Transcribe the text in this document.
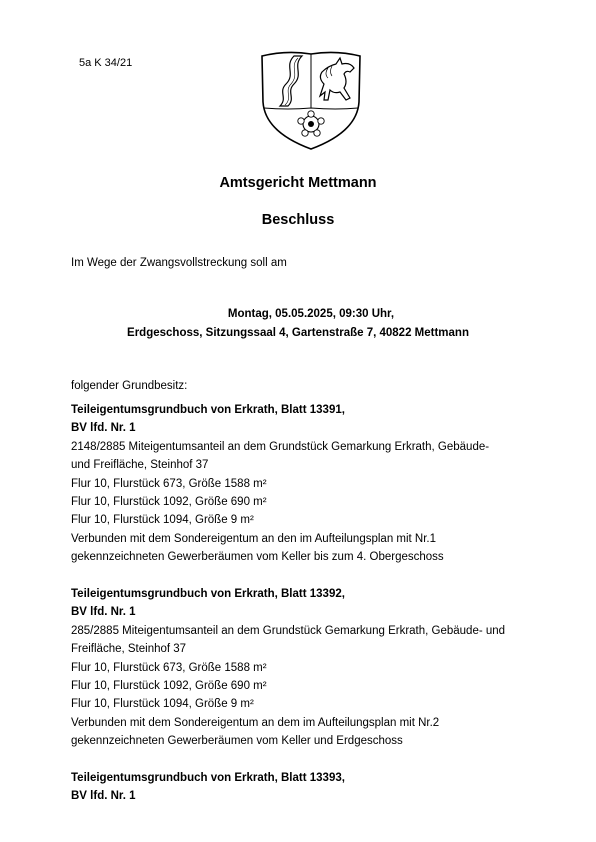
5a K 34/21
Amtsgericht Mettmann
Beschluss
Im Wege der Zwangsvollstreckung soll am
Montag, 05.05.2025, 09:30 Uhr,
Erdgeschoss, Sitzungssaal 4, Gartenstraße 7, 40822 Mettmann
folgender Grundbesitz:
Teileigentumsgrundbuch von Erkrath, Blatt 13391,
BV lfd. Nr. 1
2148/2885 Miteigentumsanteil an dem Grundstück Gemarkung Erkrath, Gebäude-
und Freifläche, Steinhof 37
Flur 10, Flurstück 673, Größe 1588 m²
Flur 10, Flurstück 1092, Größe 690 m²
Flur 10, Flurstück 1094, Größe 9 m²
Verbunden mit dem Sondereigentum an den im Aufteilungsplan mit Nr.1
gekennzeichneten Gewerberäumen vom Keller bis zum 4. Obergeschoss
Teileigentumsgrundbuch von Erkrath, Blatt 13392,
BV lfd. Nr. 1
285/2885 Miteigentumsanteil an dem Grundstück Gemarkung Erkrath, Gebäude- und
Freifläche, Steinhof 37
Flur 10, Flurstück 673, Größe 1588 m²
Flur 10, Flurstück 1092, Größe 690 m²
Flur 10, Flurstück 1094, Größe 9 m²
Verbunden mit dem Sondereigentum an dem im Aufteilungsplan mit Nr.2
gekennzeichneten Gewerberäumen vom Keller und Erdgeschoss
Teileigentumsgrundbuch von Erkrath, Blatt 13393,
BV lfd. Nr. 1
